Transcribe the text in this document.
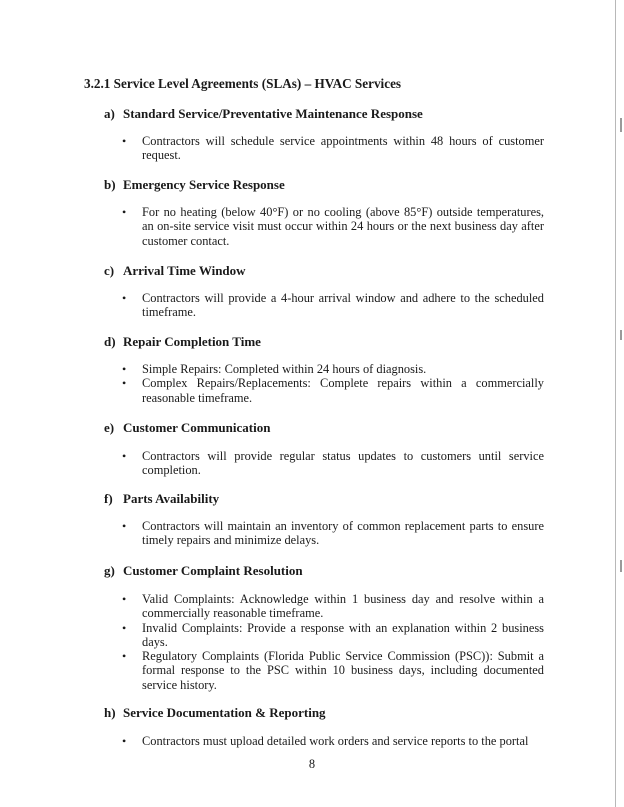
3.2.1 Service Level Agreements (SLAs) – HVAC Services
a) Standard Service/Preventative Maintenance Response
• Contractors will schedule service appointments within 48 hours of customer request.
b) Emergency Service Response
• For no heating (below 40°F) or no cooling (above 85°F) outside temperatures, an on-site service visit must occur within 24 hours or the next business day after customer contact.
c) Arrival Time Window
• Contractors will provide a 4-hour arrival window and adhere to the scheduled timeframe.
d) Repair Completion Time
• Simple Repairs: Completed within 24 hours of diagnosis.
• Complex Repairs/Replacements: Complete repairs within a commercially reasonable timeframe.
e) Customer Communication
• Contractors will provide regular status updates to customers until service completion.
f) Parts Availability
• Contractors will maintain an inventory of common replacement parts to ensure timely repairs and minimize delays.
g) Customer Complaint Resolution
• Valid Complaints: Acknowledge within 1 business day and resolve within a commercially reasonable timeframe.
• Invalid Complaints: Provide a response with an explanation within 2 business days.
• Regulatory Complaints (Florida Public Service Commission (PSC)): Submit a formal response to the PSC within 10 business days, including documented service history.
h) Service Documentation & Reporting
• Contractors must upload detailed work orders and service reports to the portal
8
